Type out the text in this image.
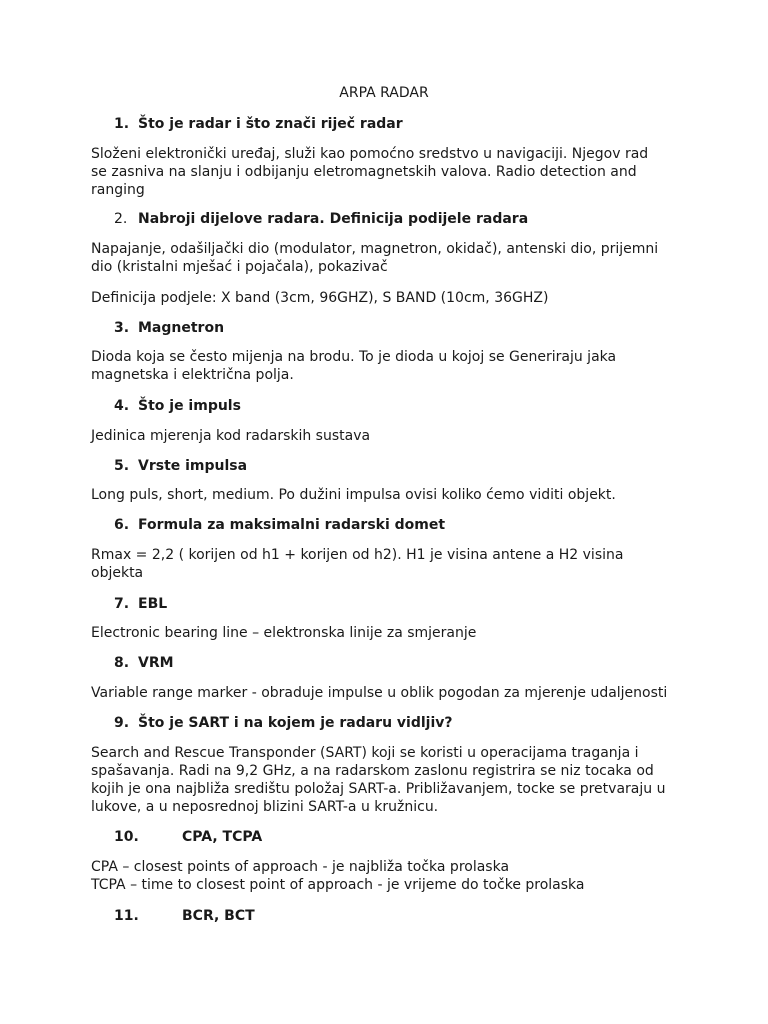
ARPA RADAR
1. Što je radar i što znači riječ radar
Složeni elektronički uređaj, služi kao pomoćno sredstvo u navigaciji. Njegov rad
se zasniva na slanju i odbijanju eletromagnetskih valova. Radio detection and
ranging
2. Nabroji dijelove radara. Definicija podijele radara
Napajanje, odašiljački dio (modulator, magnetron, okidač), antenski dio, prijemni
dio (kristalni mješać i pojačala), pokazivač
Definicija podjele: X band (3cm, 96GHZ), S BAND (10cm, 36GHZ)
3. Magnetron
Dioda koja se često mijenja na brodu. To je dioda u kojoj se Generiraju jaka
magnetska i električna polja.
4. Što je impuls
Jedinica mjerenja kod radarskih sustava
5. Vrste impulsa
Long puls, short, medium. Po dužini impulsa ovisi koliko ćemo viditi objekt.
6. Formula za maksimalni radarski domet
Rmax = 2,2 ( korijen od h1 + korijen od h2). H1 je visina antene a H2 visina
objekta
7. EBL
Electronic bearing line – elektronska linije za smjeranje
8. VRM
Variable range marker - obraduje impulse u oblik pogodan za mjerenje udaljenosti
9. Što je SART i na kojem je radaru vidljiv?
Search and Rescue Transponder (SART) koji se koristi u operacijama traganja i
spašavanja. Radi na 9,2 GHz, a na radarskom zaslonu registrira se niz tocaka od
kojih je ona najbliža središtu položaj SART-a. Približavanjem, tocke se pretvaraju u
lukove, a u neposrednoj blizini SART-a u kružnicu.
10.	CPA, TCPA
CPA – closest points of approach - je najbliža točka prolaska
TCPA – time to closest point of approach - je vrijeme do točke prolaska
11.	BCR, BCT
